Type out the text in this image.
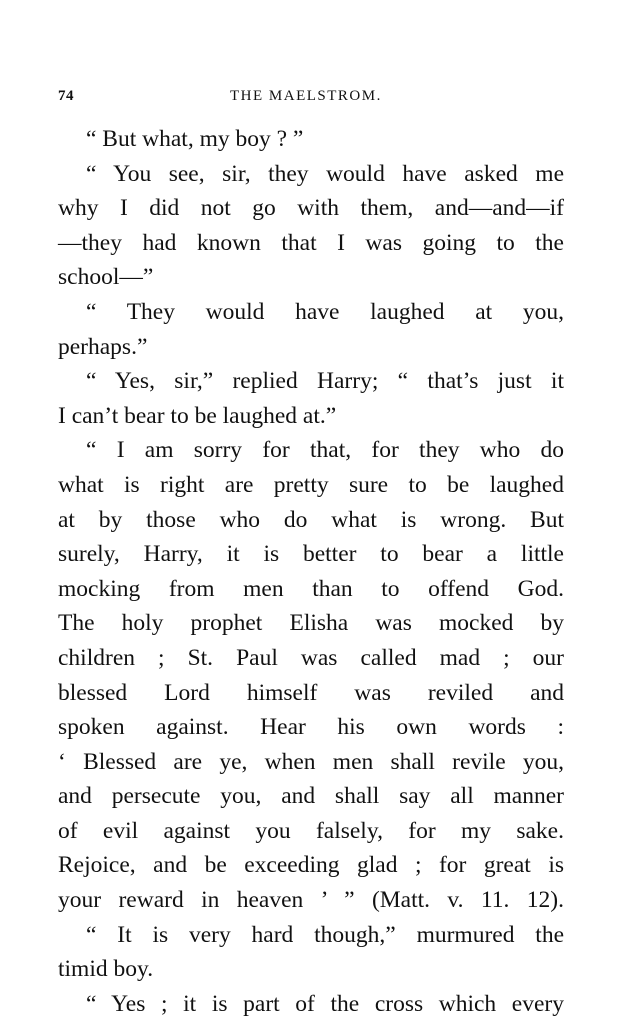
74	THE MAELSTROM.
“ But what, my boy ? ”
“ You see, sir, they would have asked me
why I did not go with them, and—and—if
—they had known that I was going to the
school—”
“ They would have laughed at you,
perhaps.”
“ Yes, sir,” replied Harry; “ that’s just it
I can’t bear to be laughed at.”
“ I am sorry for that, for they who do
what is right are pretty sure to be laughed
at by those who do what is wrong. But
surely, Harry, it is better to bear a little
mocking from men than to offend God.
The holy prophet Elisha was mocked by
children ; St. Paul was called mad ; our
blessed Lord himself was reviled and
spoken against. Hear his own words :
‘ Blessed are ye, when men shall revile you,
and persecute you, and shall say all manner
of evil against you falsely, for my sake.
Rejoice, and be exceeding glad ; for great is
your reward in heaven ’ ” (Matt. v. 11. 12).
“ It is very hard though,” murmured the
timid boy.
“ Yes ; it is part of the cross which every
